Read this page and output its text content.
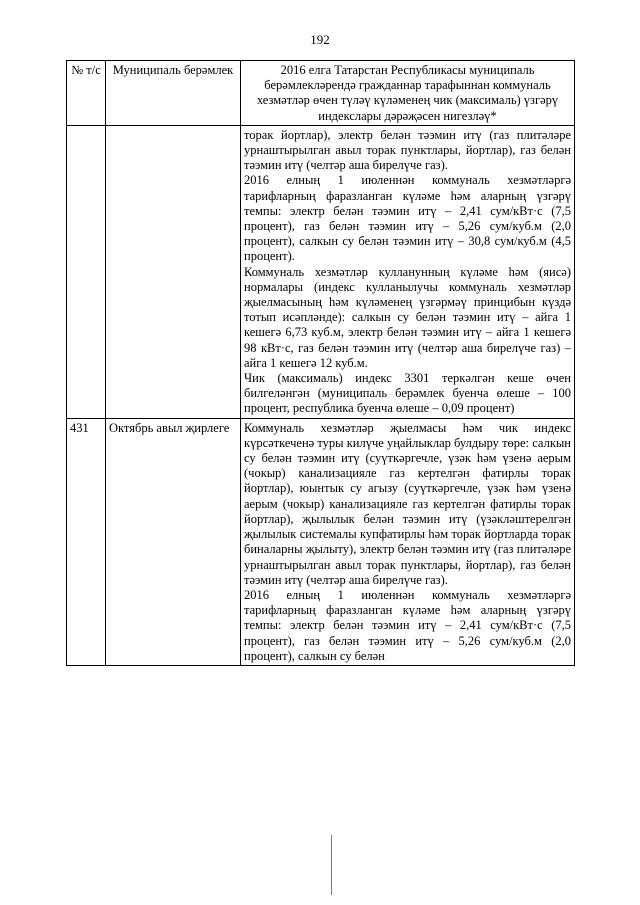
192
№ т/с	Муниципаль берәмлек	2016 елга Татарстан Республикасы муниципаль берәмлекләрендә гражданнар тарафыннан коммуналь хезмәтләр өчен түләү күләменең чик (максималь) үзгәрү индекслары дәрәҗәсен нигезләү*

		торак йортлар), электр белән тәэмин итү (газ плитәләре урнаштырылган авыл торак пунктлары, йортлар), газ белән тәэмин итү (челтәр аша бирелүче газ).

2016 елның 1 июленнән коммуналь хезмәтләргә тарифларның фаразланган күләме һәм аларның үзгәрү темпы: электр белән тәэмин итү – 2,41 сум/кВт·с (7,5 процент), газ белән тәэмин итү – 5,26 сум/куб.м (2,0 процент), салкын су белән тәэмин итү – 30,8 сум/куб.м (4,5 процент).

Коммуналь хезмәтләр кулланунның күләме һәм (яисә) нормалары (индекс кулланылучы коммуналь хезмәтләр җыелмасының һәм күләменең үзгәрмәү принцибын күздә тотып исәпләнде): салкын су белән тәэмин итү – айга 1 кешегә 6,73 куб.м, электр белән тәэмин итү – айга 1 кешегә 98 кВт·с, газ белән тәэмин итү (челтәр аша бирелүче газ) – айга 1 кешегә 12 куб.м.

Чик (максималь) индекс 3301 теркәлгән кеше өчен билгеләнгән (муниципаль берәмлек буенча өлеше – 100 процент, республика буенча өлеше – 0,09 процент)

431	Октябрь авыл җирлеге	Коммуналь хезмәтләр җыелмасы һәм чик индекс күрсәткеченә туры килүче уңайлыклар булдыру төре: салкын су белән тәэмин итү (суүткәргечле, үзәк һәм үзенә аерым (чокыр) канализацияле газ кертелгән фатирлы торак йортлар), юынтык су агызу (суүткәргечле, үзәк һәм үзенә аерым (чокыр) канализацияле газ кертелгән фатирлы торак йортлар), җылылык белән тәэмин итү (үзәкләштерелгән җылылык системалы купфатирлы һәм торак йортларда торак биналарны җылыту), электр белән тәэмин итү (газ плитәләре урнаштырылган авыл торак пунктлары, йортлар), газ белән тәэмин итү (челтәр аша бирелүче газ).

2016 елның 1 июленнән коммуналь хезмәтләргә тарифларның фаразланган күләме һәм аларның үзгәрү темпы: электр белән тәэмин итү – 2,41 сум/кВт·с (7,5 процент), газ белән тәэмин итү – 5,26 сум/куб.м (2,0 процент), салкын су белән
